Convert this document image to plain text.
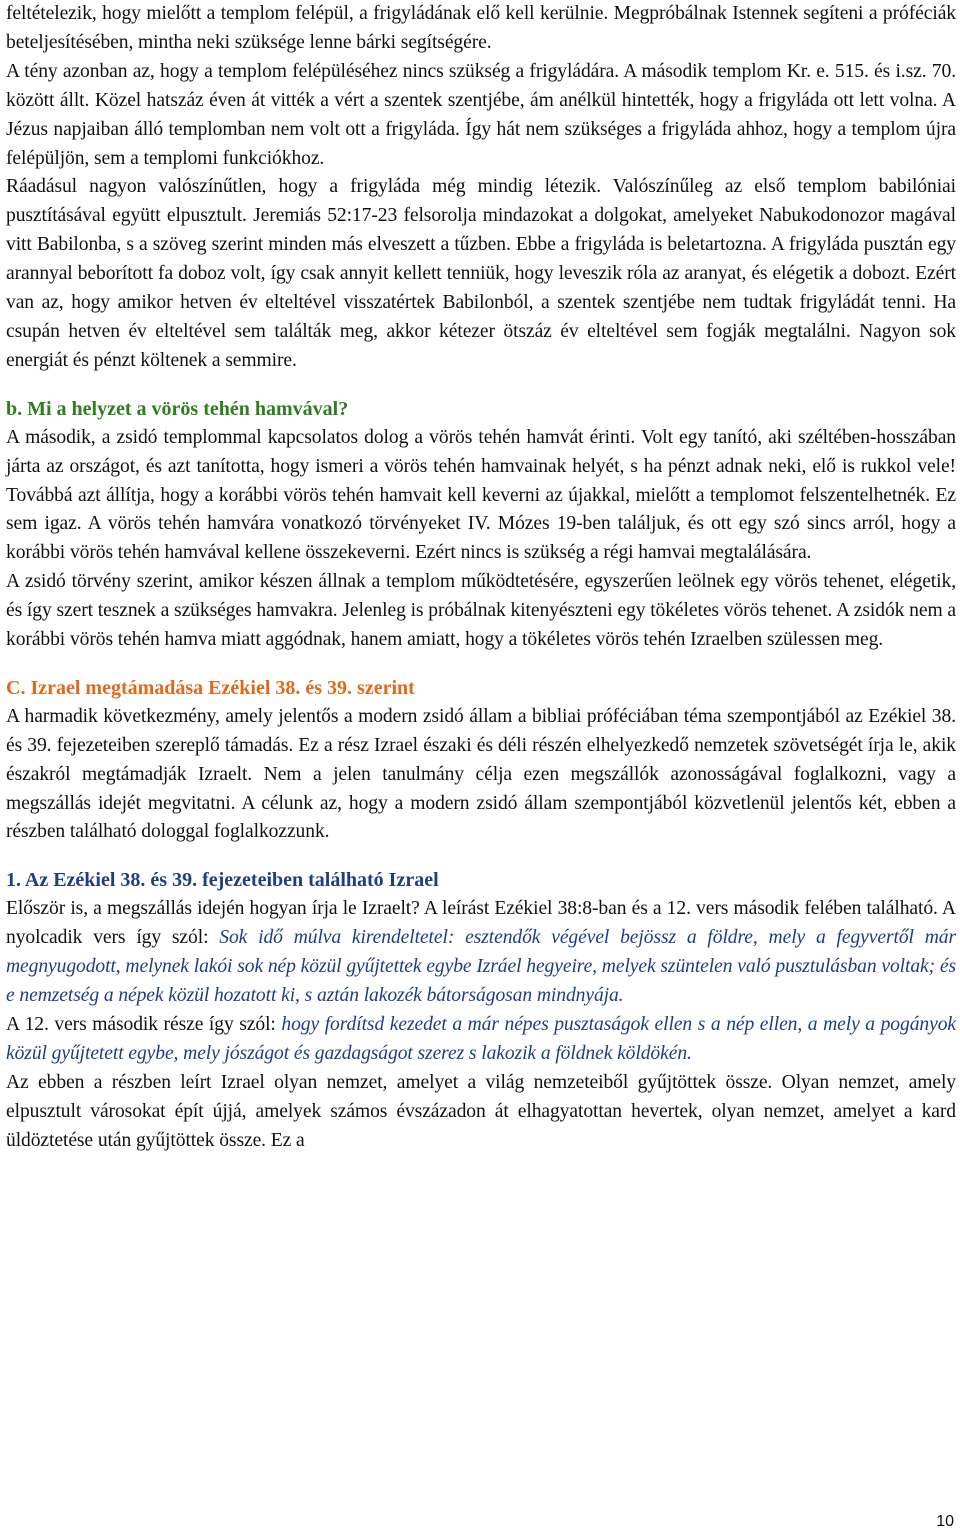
feltételezik, hogy mielőtt a templom felépül, a frigyládának elő kell kerülnie. Megpróbálnak Istennek segíteni a próféciák beteljesítésében, mintha neki szüksége lenne bárki segítségére.

A tény azonban az, hogy a templom felépüléséhez nincs szükség a frigyládára. A második templom Kr. e. 515. és i.sz. 70. között állt. Közel hatszáz éven át vitték a vért a szentek szentjébe, ám anélkül hintették, hogy a frigyláda ott lett volna. A Jézus napjaiban álló templomban nem volt ott a frigyláda. Így hát nem szükséges a frigyláda ahhoz, hogy a templom újra felépüljön, sem a templomi funkciókhoz.

Ráadásul nagyon valószínűtlen, hogy a frigyláda még mindig létezik. Valószínűleg az első templom babilóniai pusztításával együtt elpusztult. Jeremiás 52:17-23 felsorolja mindazokat a dolgokat, amelyeket Nabukodonozor magával vitt Babilonba, s a szöveg szerint minden más elveszett a tűzben. Ebbe a frigyláda is beletartozna. A frigyláda pusztán egy arannyal beborított fa doboz volt, így csak annyit kellett tenniük, hogy leveszik róla az aranyat, és elégetik a dobozt. Ezért van az, hogy amikor hetven év elteltével visszatértek Babilonból, a szentek szentjébe nem tudtak frigyládát tenni. Ha csupán hetven év elteltével sem találták meg, akkor kétezer ötszáz év elteltével sem fogják megtalálni. Nagyon sok energiát és pénzt költenek a semmire.

b. Mi a helyzet a vörös tehén hamvával?

A második, a zsidó templommal kapcsolatos dolog a vörös tehén hamvát érinti. Volt egy tanító, aki széltében-hosszában járta az országot, és azt tanította, hogy ismeri a vörös tehén hamvainak helyét, s ha pénzt adnak neki, elő is rukkol vele! Továbbá azt állítja, hogy a korábbi vörös tehén hamvait kell keverni az újakkal, mielőtt a templomot felszentelhetnék. Ez sem igaz. A vörös tehén hamvára vonatkozó törvényeket IV. Mózes 19-ben találjuk, és ott egy szó sincs arról, hogy a korábbi vörös tehén hamvával kellene összekeverni. Ezért nincs is szükség a régi hamvai megtalálására.

A zsidó törvény szerint, amikor készen állnak a templom működtetésére, egyszerűen leölnek egy vörös tehenet, elégetik, és így szert tesznek a szükséges hamvakra. Jelenleg is próbálnak kitenyészteni egy tökéletes vörös tehenet. A zsidók nem a korábbi vörös tehén hamva miatt aggódnak, hanem amiatt, hogy a tökéletes vörös tehén Izraelben szülessen meg.

C. Izrael megtámadása Ezékiel 38. és 39. szerint

A harmadik következmény, amely jelentős a modern zsidó állam a bibliai próféciában téma szempontjából az Ezékiel 38. és 39. fejezeteiben szereplő támadás. Ez a rész Izrael északi és déli részén elhelyezkedő nemzetek szövetségét írja le, akik északról megtámadják Izraelt. Nem a jelen tanulmány célja ezen megszállók azonosságával foglalkozni, vagy a megszállás idejét megvitatni. A célunk az, hogy a modern zsidó állam szempontjából közvetlenül jelentős két, ebben a részben található dologgal foglalkozzunk.

1. Az Ezékiel 38. és 39. fejezeteiben található Izrael

Először is, a megszállás idején hogyan írja le Izraelt? A leírást Ezékiel 38:8-ban és a 12. vers második felében található. A nyolcadik vers így szól: Sok idő múlva kirendeltetel: esztendők végével bejössz a földre, mely a fegyvertől már megnyugodott, melynek lakói sok nép közül gyűjtettek egybe Izráel hegyeire, melyek szüntelen való pusztulásban voltak; és e nemzetség a népek közül hozatott ki, s aztán lakozék bátorságosan mindnyája.

A 12. vers második része így szól: hogy fordítsd kezedet a már népes pusztaságok ellen s a nép ellen, a mely a pogányok közül gyűjtetett egybe, mely jószágot és gazdagságot szerez s lakozik a földnek köldökén.

Az ebben a részben leírt Izrael olyan nemzet, amelyet a világ nemzeteiből gyűjtöttek össze. Olyan nemzet, amely elpusztult városokat épít újjá, amelyek számos évszázadon át elhagyatottan hevertek, olyan nemzet, amelyet a kard üldöztetése után gyűjtöttek össze. Ez a

10
